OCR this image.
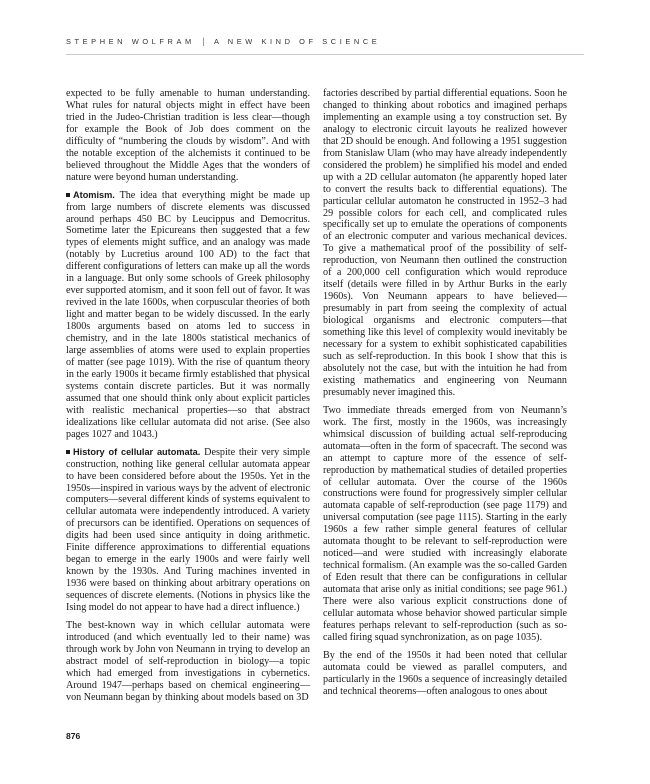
STEPHEN WOLFRAM | A NEW KIND OF SCIENCE

expected to be fully amenable to human understanding. What rules for natural objects might in effect have been tried in the Judeo-Christian tradition is less clear—though for example the Book of Job does comment on the difficulty of “numbering the clouds by wisdom”. And with the notable exception of the alchemists it continued to be believed throughout the Middle Ages that the wonders of nature were beyond human understanding.

Atomism. The idea that everything might be made up from large numbers of discrete elements was discussed around perhaps 450 BC by Leucippus and Democritus. Sometime later the Epicureans then suggested that a few types of elements might suffice, and an analogy was made (notably by Lucretius around 100 AD) to the fact that different configurations of letters can make up all the words in a language. But only some schools of Greek philosophy ever supported atomism, and it soon fell out of favor. It was revived in the late 1600s, when corpuscular theories of both light and matter began to be widely discussed. In the early 1800s arguments based on atoms led to success in chemistry, and in the late 1800s statistical mechanics of large assemblies of atoms were used to explain properties of matter (see page 1019). With the rise of quantum theory in the early 1900s it became firmly established that physical systems contain discrete particles. But it was normally assumed that one should think only about explicit particles with realistic mechanical properties—so that abstract idealizations like cellular automata did not arise. (See also pages 1027 and 1043.)

History of cellular automata. Despite their very simple construction, nothing like general cellular automata appear to have been considered before about the 1950s. Yet in the 1950s—inspired in various ways by the advent of electronic computers—several different kinds of systems equivalent to cellular automata were independently introduced. A variety of precursors can be identified. Operations on sequences of digits had been used since antiquity in doing arithmetic. Finite difference approximations to differential equations began to emerge in the early 1900s and were fairly well known by the 1930s. And Turing machines invented in 1936 were based on thinking about arbitrary operations on sequences of discrete elements. (Notions in physics like the Ising model do not appear to have had a direct influence.)

The best-known way in which cellular automata were introduced (and which eventually led to their name) was through work by John von Neumann in trying to develop an abstract model of self-reproduction in biology—a topic which had emerged from investigations in cybernetics. Around 1947—perhaps based on chemical engineering—von Neumann began by thinking about models based on 3D

factories described by partial differential equations. Soon he changed to thinking about robotics and imagined perhaps implementing an example using a toy construction set. By analogy to electronic circuit layouts he realized however that 2D should be enough. And following a 1951 suggestion from Stanislaw Ulam (who may have already independently considered the problem) he simplified his model and ended up with a 2D cellular automaton (he apparently hoped later to convert the results back to differential equations). The particular cellular automaton he constructed in 1952–3 had 29 possible colors for each cell, and complicated rules specifically set up to emulate the operations of components of an electronic computer and various mechanical devices. To give a mathematical proof of the possibility of self-reproduction, von Neumann then outlined the construction of a 200,000 cell configuration which would reproduce itself (details were filled in by Arthur Burks in the early 1960s). Von Neumann appears to have believed—presumably in part from seeing the complexity of actual biological organisms and electronic computers—that something like this level of complexity would inevitably be necessary for a system to exhibit sophisticated capabilities such as self-reproduction. In this book I show that this is absolutely not the case, but with the intuition he had from existing mathematics and engineering von Neumann presumably never imagined this.

Two immediate threads emerged from von Neumann’s work. The first, mostly in the 1960s, was increasingly whimsical discussion of building actual self-reproducing automata—often in the form of spacecraft. The second was an attempt to capture more of the essence of self-reproduction by mathematical studies of detailed properties of cellular automata. Over the course of the 1960s constructions were found for progressively simpler cellular automata capable of self-reproduction (see page 1179) and universal computation (see page 1115). Starting in the early 1960s a few rather simple general features of cellular automata thought to be relevant to self-reproduction were noticed—and were studied with increasingly elaborate technical formalism. (An example was the so-called Garden of Eden result that there can be configurations in cellular automata that arise only as initial conditions; see page 961.) There were also various explicit constructions done of cellular automata whose behavior showed particular simple features perhaps relevant to self-reproduction (such as so-called firing squad synchronization, as on page 1035).

By the end of the 1950s it had been noted that cellular automata could be viewed as parallel computers, and particularly in the 1960s a sequence of increasingly detailed and technical theorems—often analogous to ones about

876
